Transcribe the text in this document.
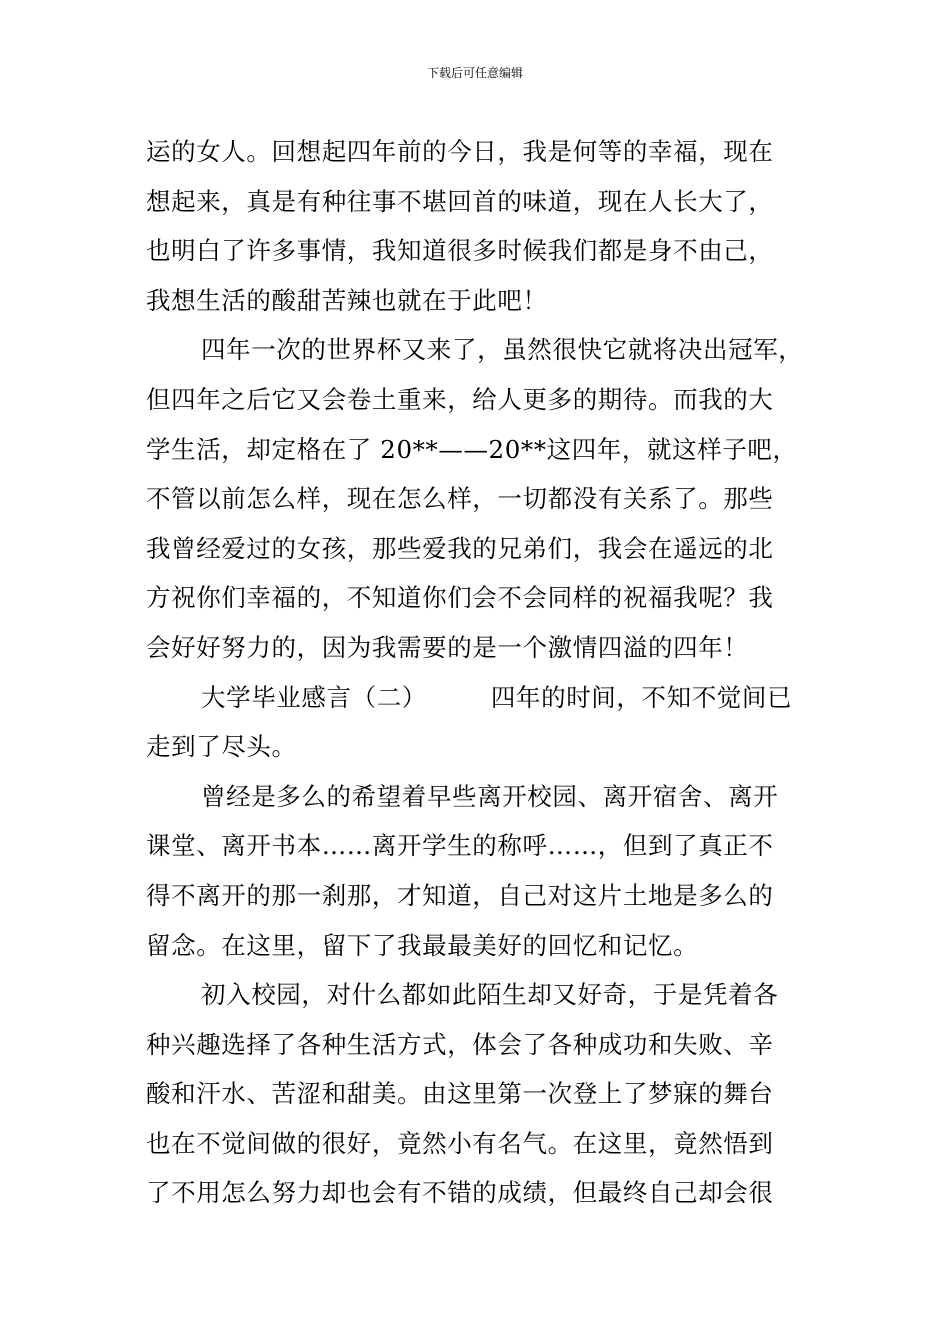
下载后可任意编辑
运的女人。回想起四年前的今日，我是何等的幸福，现在
想起来，真是有种往事不堪回首的味道，现在人长大了，
也明白了许多事情，我知道很多时候我们都是身不由己，
我想生活的酸甜苦辣也就在于此吧！
四年一次的世界杯又来了，虽然很快它就将决出冠军，
但四年之后它又会卷土重来，给人更多的期待。而我的大
学生活，却定格在了 20**——20**这四年，就这样子吧，
不管以前怎么样，现在怎么样，一切都没有关系了。那些
我曾经爱过的女孩，那些爱我的兄弟们，我会在遥远的北
方祝你们幸福的，不知道你们会不会同样的祝福我呢？我
会好好努力的，因为我需要的是一个激情四溢的四年！
大学毕业感言（二）	四年的时间，不知不觉间已
走到了尽头。
曾经是多么的希望着早些离开校园、离开宿舍、离开
课堂、离开书本……离开学生的称呼……，但到了真正不
得不离开的那一刹那，才知道，自己对这片土地是多么的
留念。在这里，留下了我最最美好的回忆和记忆。
初入校园，对什么都如此陌生却又好奇，于是凭着各
种兴趣选择了各种生活方式，体会了各种成功和失败、辛
酸和汗水、苦涩和甜美。由这里第一次登上了梦寐的舞台
也在不觉间做的很好，竟然小有名气。在这里，竟然悟到
了不用怎么努力却也会有不错的成绩，但最终自己却会很
